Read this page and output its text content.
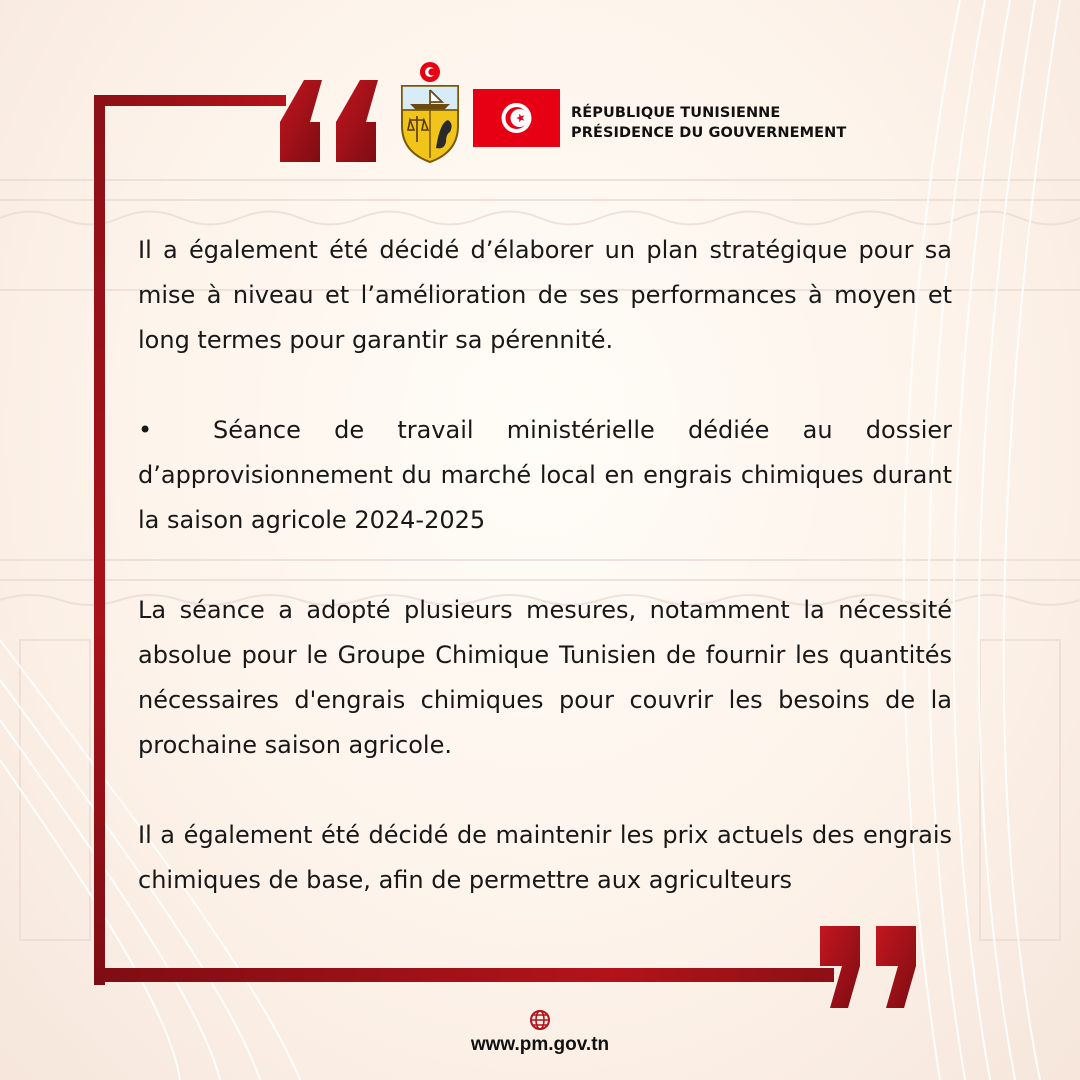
RÉPUBLIQUE TUNISIENNE
PRÉSIDENCE DU GOUVERNEMENT

Il a également été décidé d’élaborer un plan stratégique pour sa mise à niveau et l’amélioration de ses performances à moyen et long termes pour garantir sa pérennité.

•	Séance de travail ministérielle dédiée au dossier d’approvisionnement du marché local en engrais chimiques durant la saison agricole 2024-2025

La séance a adopté plusieurs mesures, notamment la nécessité absolue pour le Groupe Chimique Tunisien de fournir les quantités nécessaires d'engrais chimiques pour couvrir les besoins de la prochaine saison agricole.

Il a également été décidé de maintenir les prix actuels des engrais chimiques de base, afin de permettre aux agriculteurs

www.pm.gov.tn
